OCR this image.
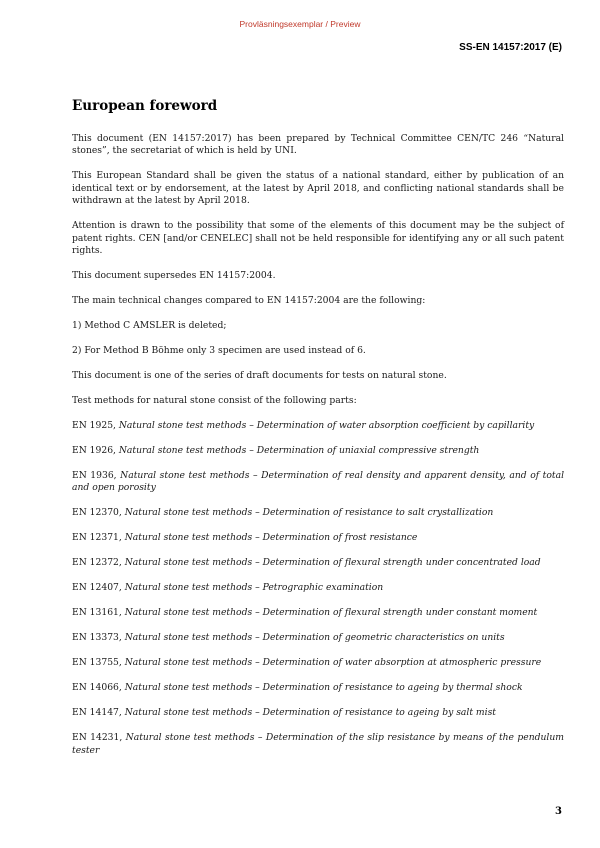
Provläsningsexemplar / Preview
SS-EN 14157:2017 (E)
European foreword

This document (EN 14157:2017) has been prepared by Technical Committee CEN/TC 246 “Natural stones”, the secretariat of which is held by UNI.

This European Standard shall be given the status of a national standard, either by publication of an identical text or by endorsement, at the latest by April 2018, and conflicting national standards shall be withdrawn at the latest by April 2018.

Attention is drawn to the possibility that some of the elements of this document may be the subject of patent rights. CEN [and/or CENELEC] shall not be held responsible for identifying any or all such patent rights.

This document supersedes EN 14157:2004.

The main technical changes compared to EN 14157:2004 are the following:

1) Method C AMSLER is deleted;

2) For Method B Böhme only 3 specimen are used instead of 6.

This document is one of the series of draft documents for tests on natural stone.

Test methods for natural stone consist of the following parts:

EN 1925, Natural stone test methods – Determination of water absorption coefficient by capillarity

EN 1926, Natural stone test methods – Determination of uniaxial compressive strength

EN 1936, Natural stone test methods – Determination of real density and apparent density, and of total and open porosity

EN 12370, Natural stone test methods – Determination of resistance to salt crystallization

EN 12371, Natural stone test methods – Determination of frost resistance

EN 12372, Natural stone test methods – Determination of flexural strength under concentrated load

EN 12407, Natural stone test methods – Petrographic examination

EN 13161, Natural stone test methods – Determination of flexural strength under constant moment

EN 13373, Natural stone test methods – Determination of geometric characteristics on units

EN 13755, Natural stone test methods – Determination of water absorption at atmospheric pressure

EN 14066, Natural stone test methods – Determination of resistance to ageing by thermal shock

EN 14147, Natural stone test methods – Determination of resistance to ageing by salt mist

EN 14231, Natural stone test methods – Determination of the slip resistance by means of the pendulum tester

3
